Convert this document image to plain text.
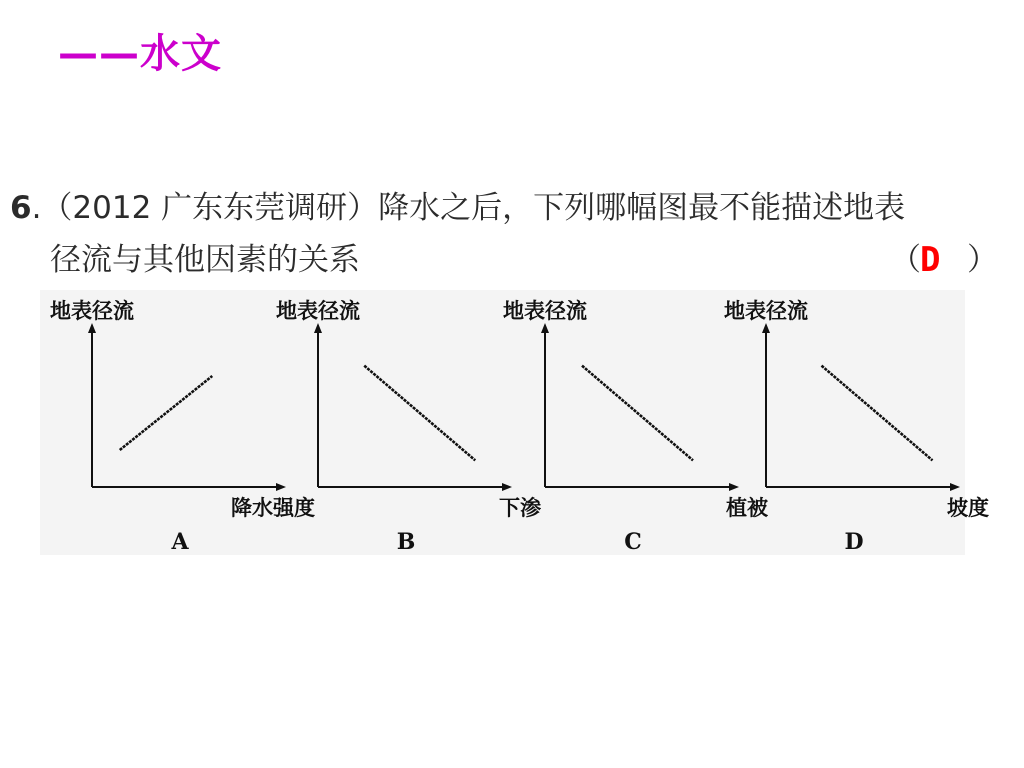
——水文
6.（2012 广东东莞调研）降水之后，下列哪幅图最不能描述地表
径流与其他因素的关系	（ D ）
地表径流
降水强度
A
地表径流
下渗
B
地表径流
植被
C
地表径流
坡度
D
